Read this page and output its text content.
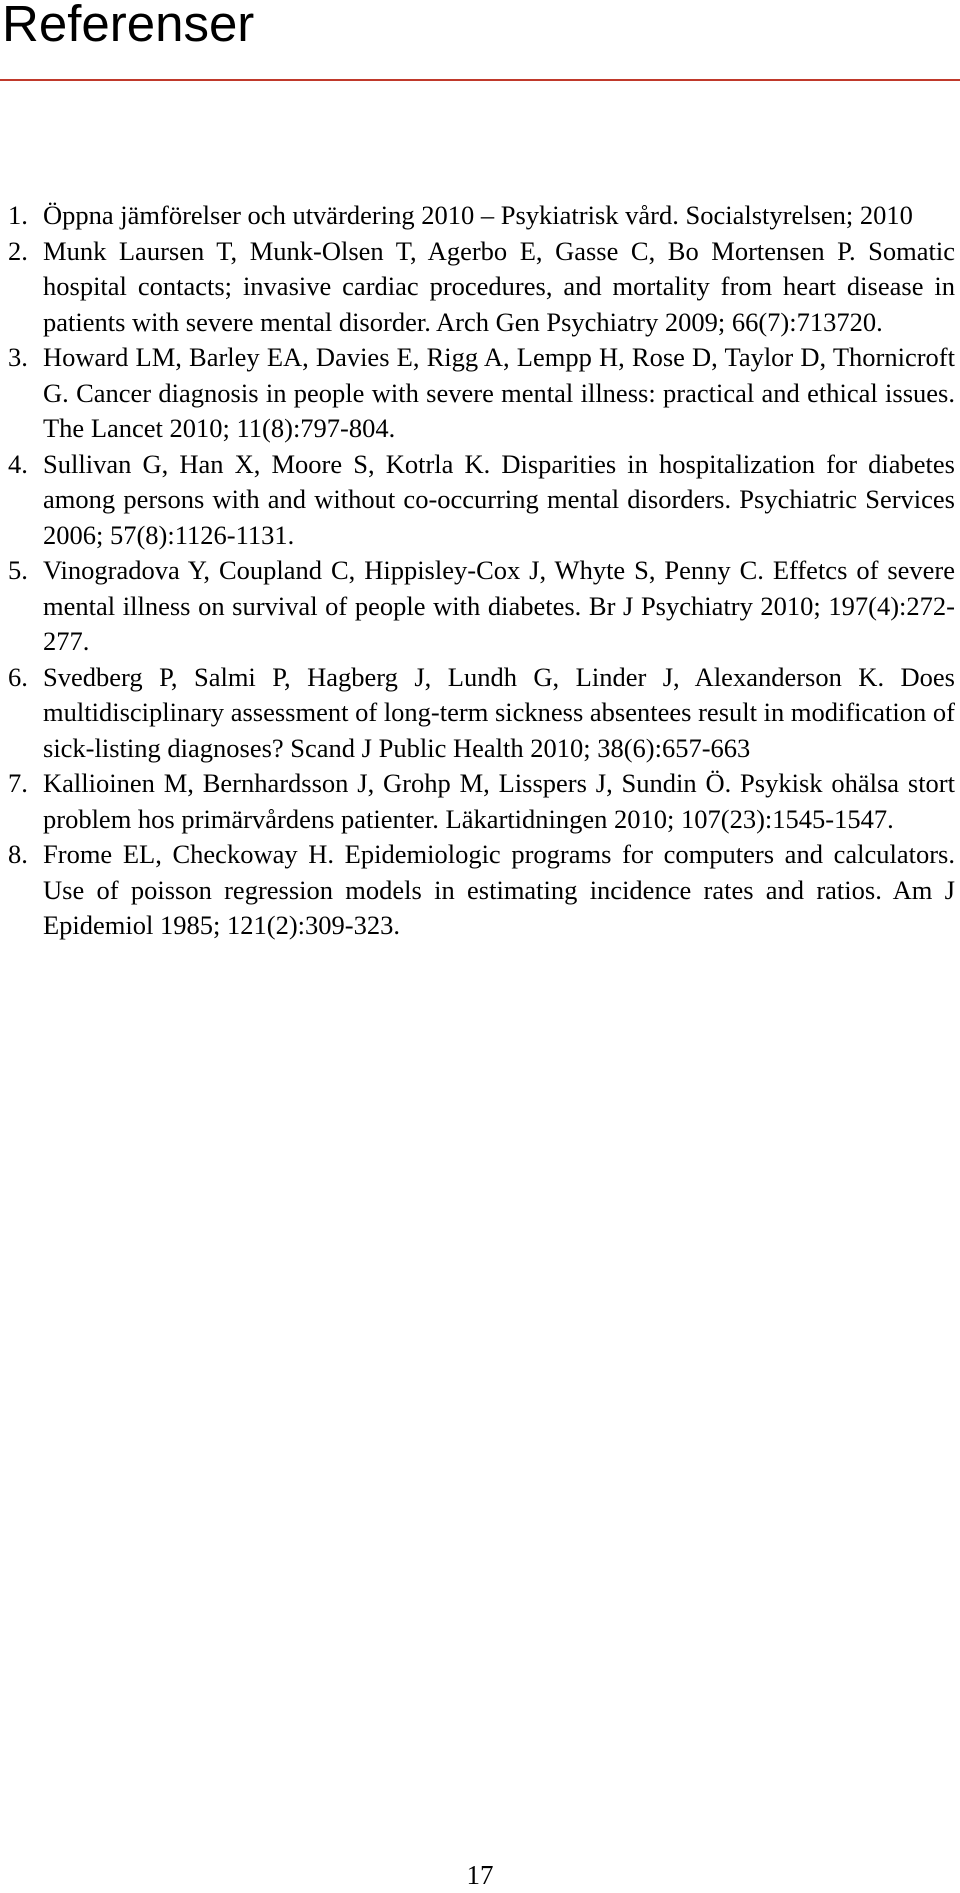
Referenser
1. Öppna jämförelser och utvärdering 2010 – Psykiatrisk vård. Socialstyrelsen; 2010
2. Munk Laursen T, Munk-Olsen T, Agerbo E, Gasse C, Bo Mortensen P. Somatic hospital contacts; invasive cardiac procedures, and mortality from heart disease in patients with severe mental disorder. Arch Gen Psychiatry 2009; 66(7):713720.
3. Howard LM, Barley EA, Davies E, Rigg A, Lempp H, Rose D, Taylor D, Thornicroft G. Cancer diagnosis in people with severe mental illness: practical and ethical issues. The Lancet 2010; 11(8):797-804.
4. Sullivan G, Han X, Moore S, Kotrla K. Disparities in hospitalization for diabetes among persons with and without co-occurring mental disorders. Psychiatric Services 2006; 57(8):1126-1131.
5. Vinogradova Y, Coupland C, Hippisley-Cox J, Whyte S, Penny C. Effetcs of severe mental illness on survival of people with diabetes. Br J Psychiatry 2010; 197(4):272-277.
6. Svedberg P, Salmi P, Hagberg J, Lundh G, Linder J, Alexanderson K. Does multidisciplinary assessment of long-term sickness absentees result in modification of sick-listing diagnoses? Scand J Public Health 2010; 38(6):657-663
7. Kallioinen M, Bernhardsson J, Grohp M, Lisspers J, Sundin Ö. Psykisk ohälsa stort problem hos primärvårdens patienter. Läkartidningen 2010; 107(23):1545-1547.
8. Frome EL, Checkoway H. Epidemiologic programs for computers and calculators. Use of poisson regression models in estimating incidence rates and ratios. Am J Epidemiol 1985; 121(2):309-323.
17
